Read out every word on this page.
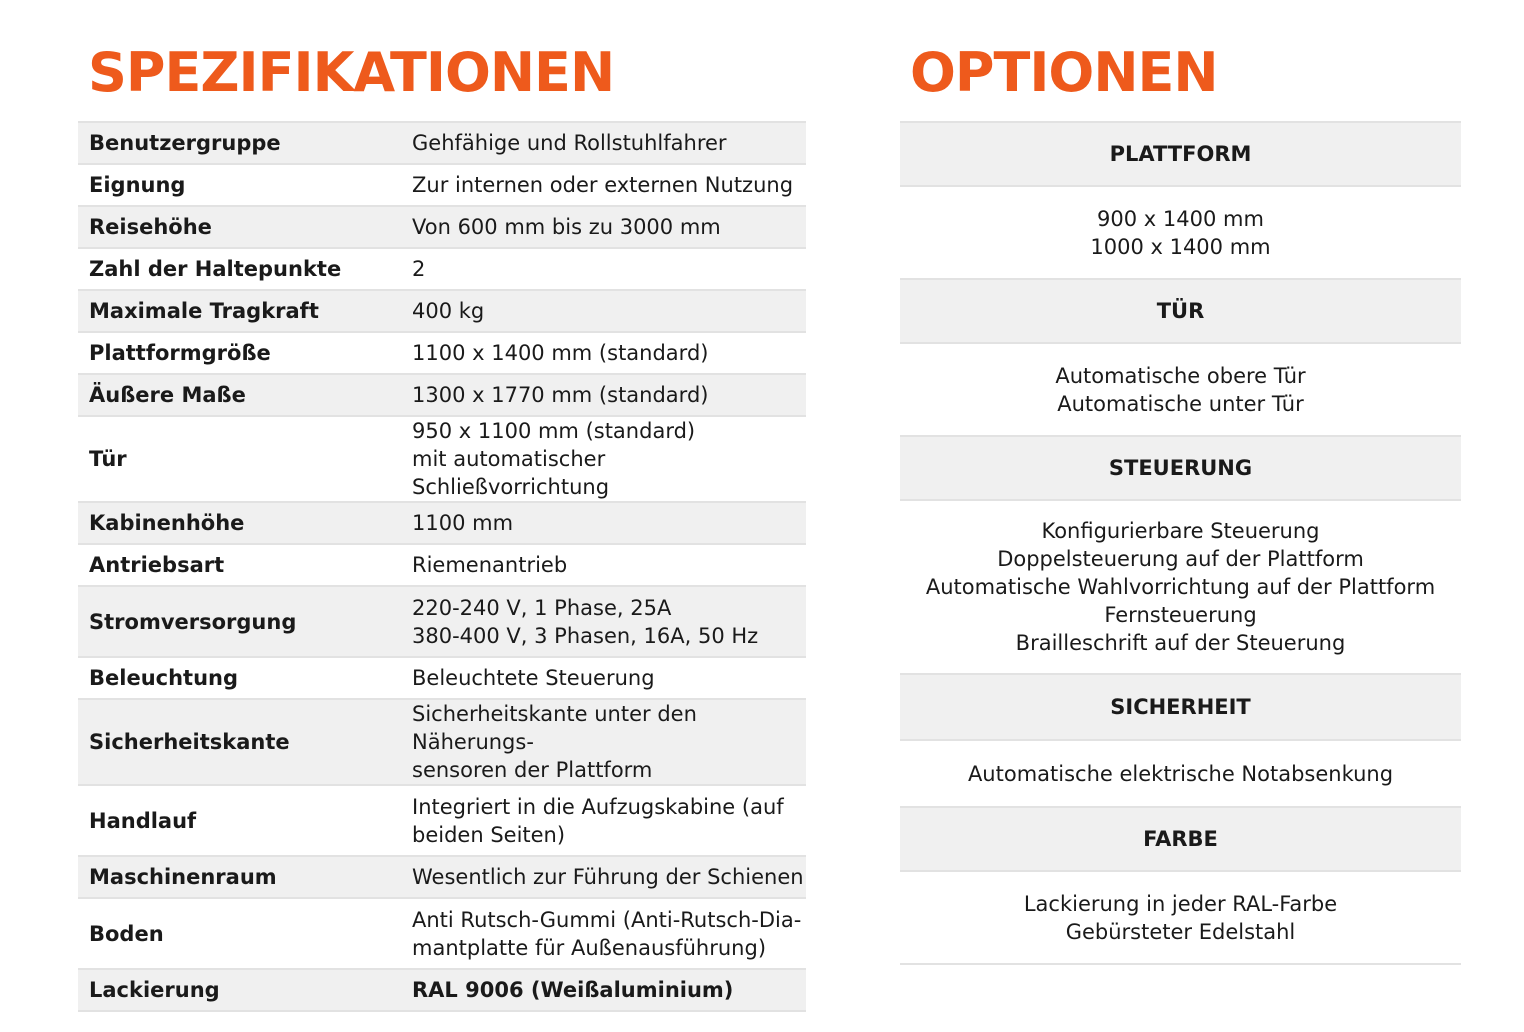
SPEZIFIKATIONEN	OPTIONEN
Benutzergruppe	Gehfähige und Rollstuhlfahrer

Eignung	Zur internen oder externen Nutzung

Reisehöhe	Von 600 mm bis zu 3000 mm

Zahl der Haltepunkte	2

Maximale Tragkraft	400 kg

Plattformgröße	1100 x 1400 mm (standard)

Äußere Maße	1300 x 1770 mm (standard)

Tür	950 x 1100 mm (standard)
mit automatischer Schließvorrichtung

Kabinenhöhe	1100 mm

Antriebsart	Riemenantrieb

Stromversorgung	220-240 V, 1 Phase, 25A
380-400 V, 3 Phasen, 16A, 50 Hz

Beleuchtung	Beleuchtete Steuerung

Sicherheitskante	Sicherheitskante unter den Näherungs-
sensoren der Plattform

Handlauf	Integriert in die Aufzugskabine (auf
beiden Seiten)

Maschinenraum	Wesentlich zur Führung der Schienen

Boden	Anti Rutsch-Gummi (Anti-Rutsch-Dia-
mantplatte für Außenausführung)

Lackierung	RAL 9006 (Weißaluminium)
PLATTFORM

900 x 1400 mm
1000 x 1400 mm

TÜR

Automatische obere Tür
Automatische unter Tür

STEUERUNG

Konfigurierbare Steuerung
Doppelsteuerung auf der Plattform
Automatische Wahlvorrichtung auf der Plattform
Fernsteuerung
Brailleschrift auf der Steuerung

SICHERHEIT

Automatische elektrische Notabsenkung

FARBE

Lackierung in jeder RAL-Farbe
Gebürsteter Edelstahl
